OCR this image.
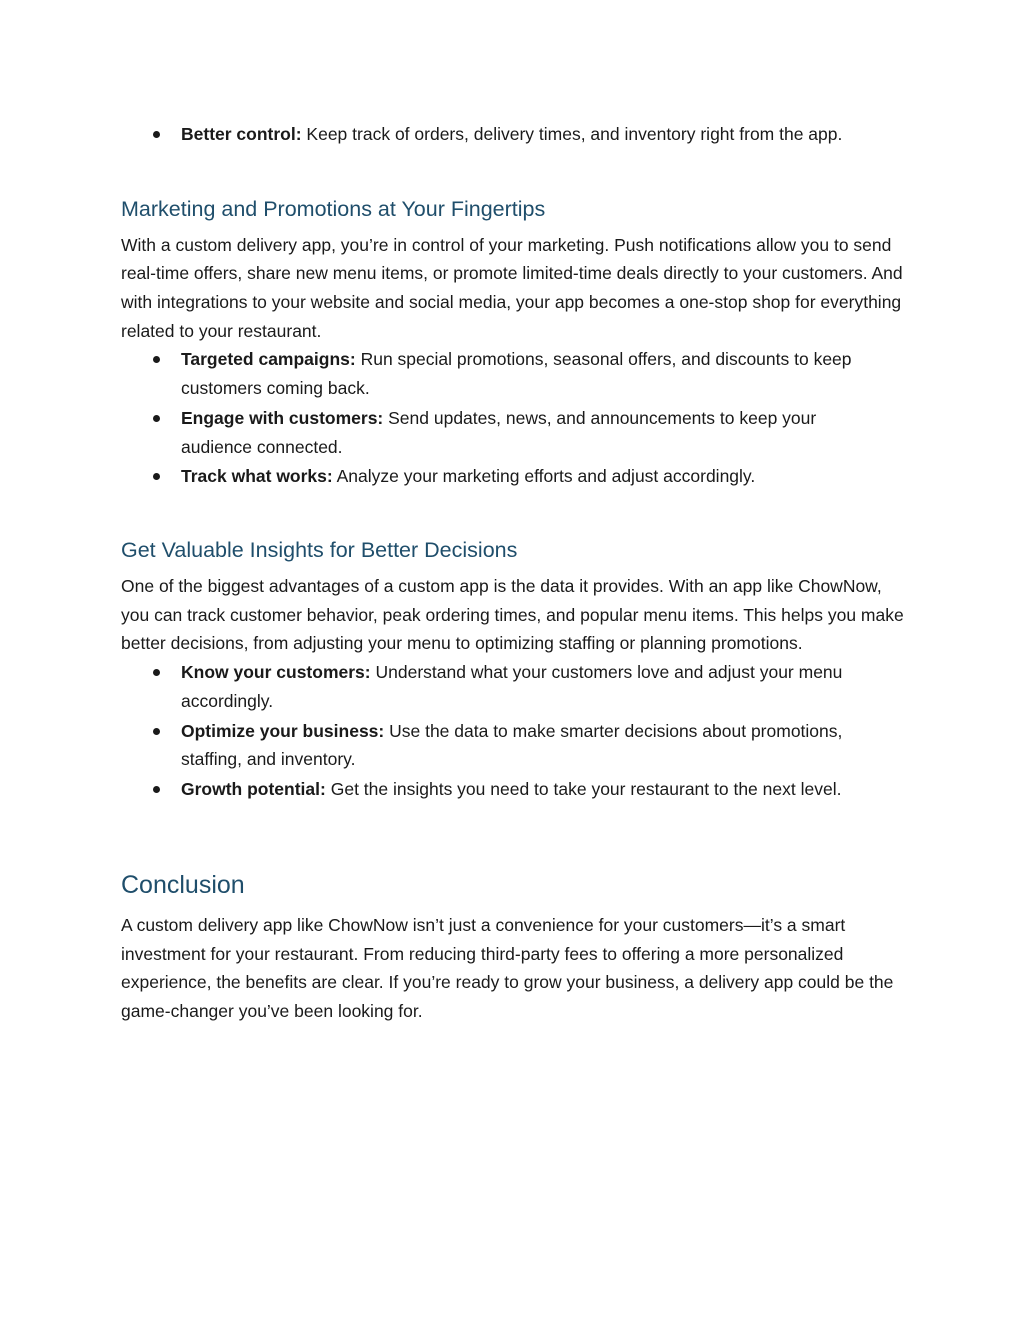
Better control: Keep track of orders, delivery times, and inventory right from the app.
Marketing and Promotions at Your Fingertips

With a custom delivery app, you’re in control of your marketing. Push notifications allow you to send real-time offers, share new menu items, or promote limited-time deals directly to your customers. And with integrations to your website and social media, your app becomes a one-stop shop for everything related to your restaurant.

Targeted campaigns: Run special promotions, seasonal offers, and discounts to keep customers coming back.
Engage with customers: Send updates, news, and announcements to keep your audience connected.
Track what works: Analyze your marketing efforts and adjust accordingly.
Get Valuable Insights for Better Decisions

One of the biggest advantages of a custom app is the data it provides. With an app like ChowNow, you can track customer behavior, peak ordering times, and popular menu items. This helps you make better decisions, from adjusting your menu to optimizing staffing or planning promotions.

Know your customers: Understand what your customers love and adjust your menu accordingly.
Optimize your business: Use the data to make smarter decisions about promotions, staffing, and inventory.
Growth potential: Get the insights you need to take your restaurant to the next level.
Conclusion

A custom delivery app like ChowNow isn’t just a convenience for your customers—it’s a smart investment for your restaurant. From reducing third-party fees to offering a more personalized experience, the benefits are clear. If you’re ready to grow your business, a delivery app could be the game-changer you’ve been looking for.
